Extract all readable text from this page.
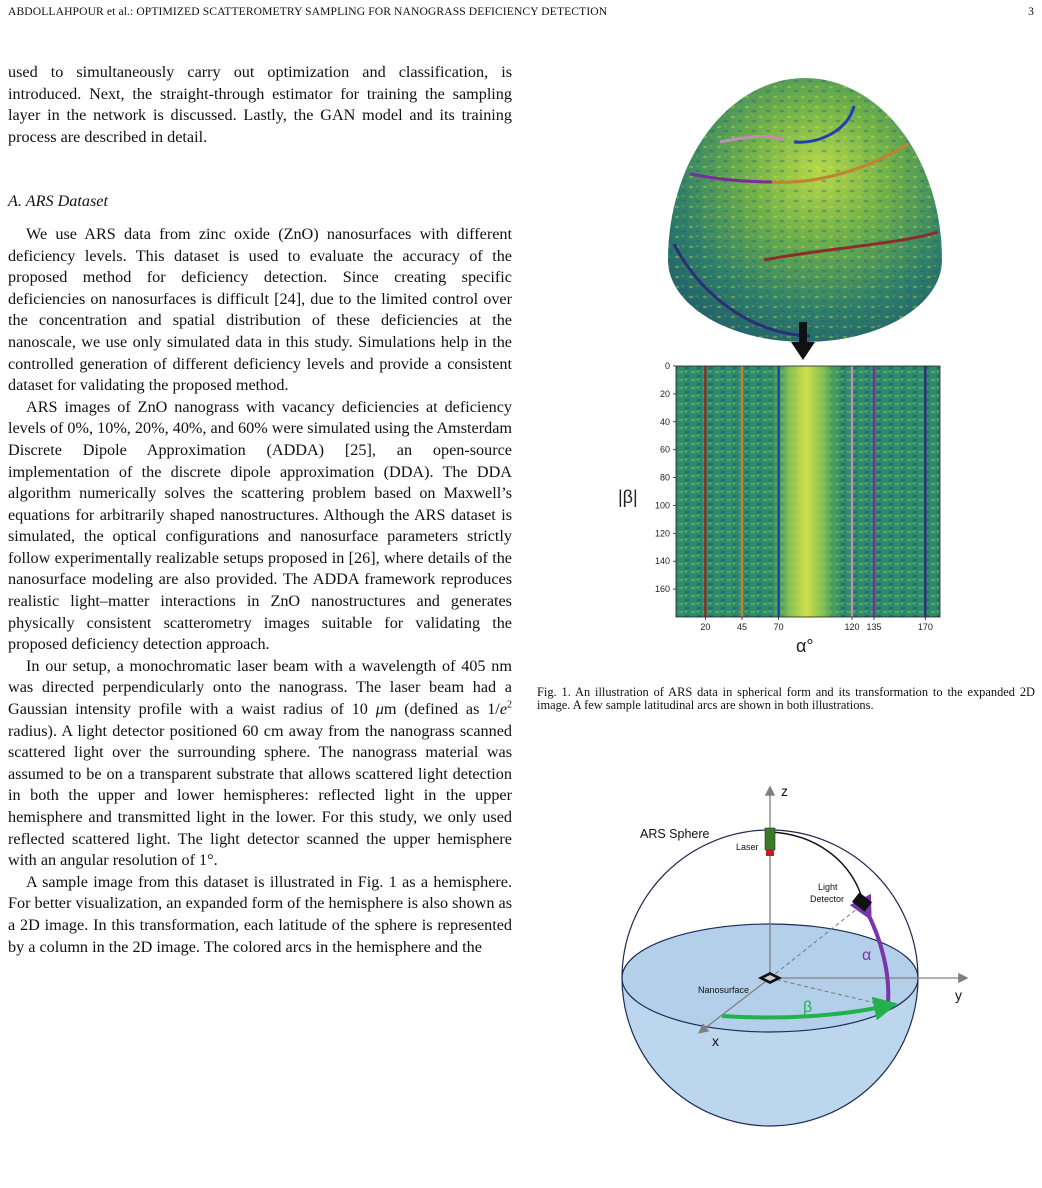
ABDOLLAHPOUR et al.: OPTIMIZED SCATTEROMETRY SAMPLING FOR NANOGRASS DEFICIENCY DETECTION	3

used to simultaneously carry out optimization and classification, is introduced. Next, the straight-through estimator for training the sampling layer in the network is discussed. Lastly, the GAN model and its training process are described in detail.

A. ARS Dataset

We use ARS data from zinc oxide (ZnO) nanosurfaces with different deficiency levels. This dataset is used to evaluate the accuracy of the proposed method for deficiency detection. Since creating specific deficiencies on nanosurfaces is difficult [24], due to the limited control over the concentration and spatial distribution of these deficiencies at the nanoscale, we use only simulated data in this study. Simulations help in the controlled generation of different deficiency levels and provide a consistent dataset for validating the proposed method.

ARS images of ZnO nanograss with vacancy deficiencies at deficiency levels of 0%, 10%, 20%, 40%, and 60% were simulated using the Amsterdam Discrete Dipole Approximation (ADDA) [25], an open-source implementation of the discrete dipole approximation (DDA). The DDA algorithm numerically solves the scattering problem based on Maxwell’s equations for arbitrarily shaped nanostructures. Although the ARS dataset is simulated, the optical configurations and nanosurface parameters strictly follow experimentally realizable setups proposed in [26], where details of the nanosurface modeling are also provided. The ADDA framework reproduces realistic light–matter interactions in ZnO nanostructures and generates physically consistent scatterometry images suitable for validating the proposed deficiency detection approach.

In our setup, a monochromatic laser beam with a wavelength of 405 nm was directed perpendicularly onto the nanograss. The laser beam had a Gaussian intensity profile with a waist radius of 10 μm (defined as $1/e^2$ radius). A light detector positioned 60 cm away from the nanograss scanned scattered light over the surrounding sphere. The nanograss material was assumed to be on a transparent substrate that allows scattered light detection in both the upper and lower hemispheres: reflected light in the upper hemisphere and transmitted light in the lower. For this study, we only used reflected scattered light. The light detector scanned the upper hemisphere with an angular resolution of 1°.

A sample image from this dataset is illustrated in Fig. 1 as a hemisphere. For better visualization, an expanded form of the hemisphere is also shown as a 2D image. In this transformation, each latitude of the sphere is represented by a column in the 2D image. The colored arcs in the hemisphere and the

0
20
40
60
80
100
120
140
160
20	45	70	120 135	170
|β|
α°
Fig. 1. An illustration of ARS data in spherical form and its transformation to the expanded 2D image. A few sample latitudinal arcs are shown in both illustrations.
ARS Sphere
Laser
Light
Detector
Nanosurface
z
y
x
α
β
